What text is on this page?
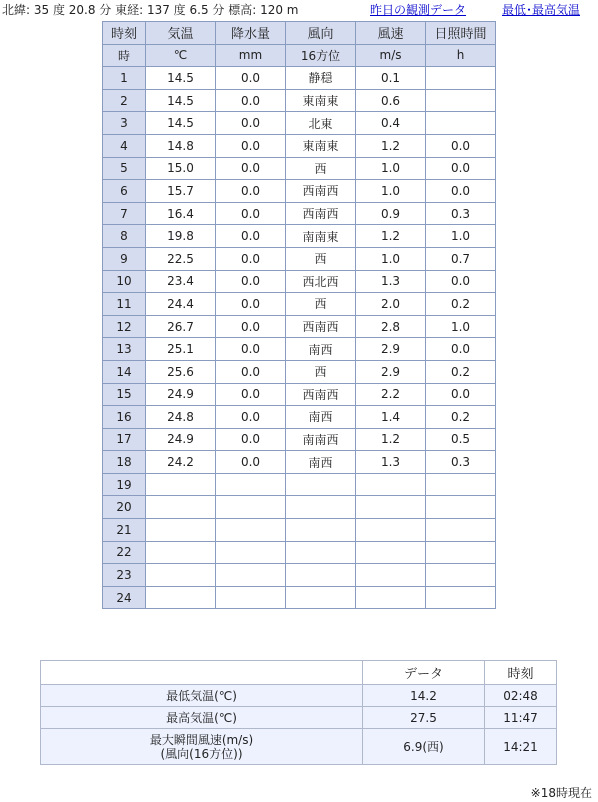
北緯: 35 度 20.8 分 東経: 137 度 6.5 分 標高: 120 m	昨日の観測データ	最低･最高気温
時刻	気温	降水量	風向	風速	日照時間
時	℃	mm	16方位	m/s	h
1	14.5	0.0	静穏	0.1	
2	14.5	0.0	東南東	0.6	
3	14.5	0.0	北東	0.4	
4	14.8	0.0	東南東	1.2	0.0
5	15.0	0.0	西	1.0	0.0
6	15.7	0.0	西南西	1.0	0.0
7	16.4	0.0	西南西	0.9	0.3
8	19.8	0.0	南南東	1.2	1.0
9	22.5	0.0	西	1.0	0.7
10	23.4	0.0	西北西	1.3	0.0
11	24.4	0.0	西	2.0	0.2
12	26.7	0.0	西南西	2.8	1.0
13	25.1	0.0	南西	2.9	0.0
14	25.6	0.0	西	2.9	0.2
15	24.9	0.0	西南西	2.2	0.0
16	24.8	0.0	南西	1.4	0.2
17	24.9	0.0	南南西	1.2	0.5
18	24.2	0.0	南西	1.3	0.3
19					
20					
21					
22					
23					
24					
	データ	時刻

最低気温(℃)	14.2	02:48

最高気温(℃)	27.5	11:47

最大瞬間風速(m/s)
(風向(16方位))	6.9(西)	14:21
※18時現在
